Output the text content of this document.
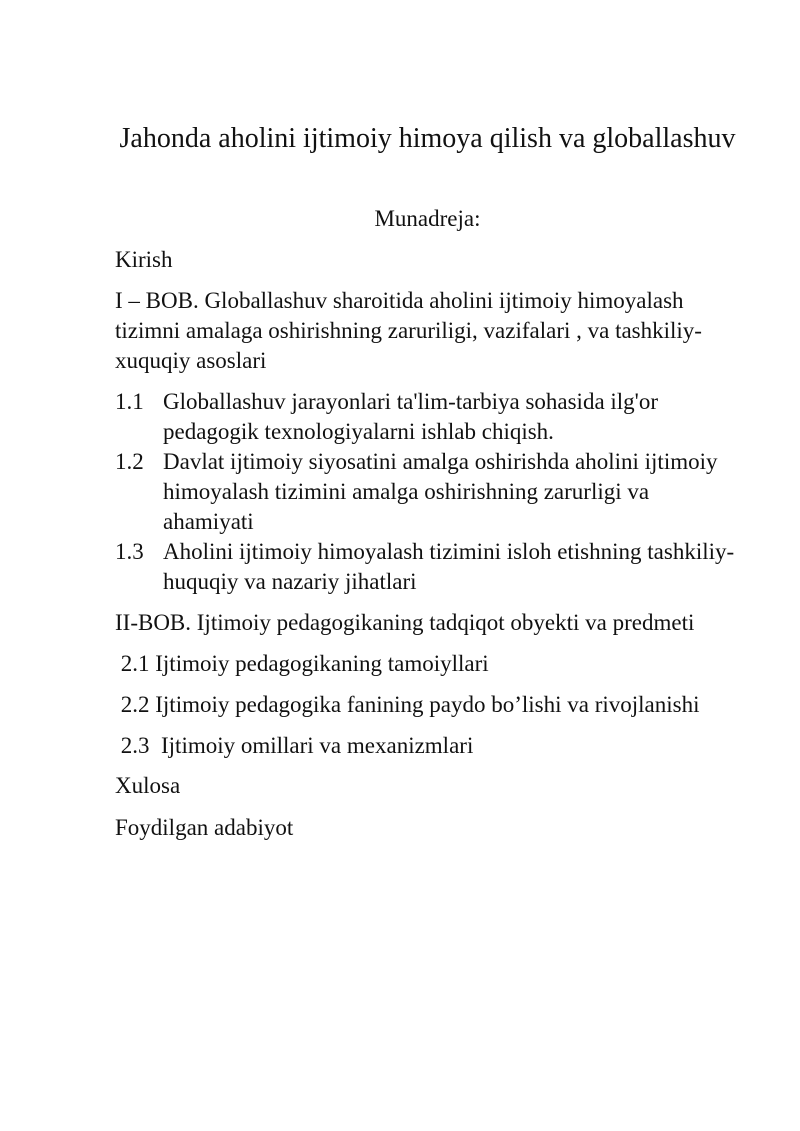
Jahonda aholini ijtimoiy himoya qilish va globallashuv
Munadreja:
Kirish
I – BOB. Globallashuv sharoitida aholini ijtimoiy himoyalash tizimni amalaga oshirishning zaruriligi, vazifalari , va tashkiliy-xuquqiy asoslari
1.1 Globallashuv jarayonlari ta'lim-tarbiya sohasida ilg'or pedagogik texnologiyalarni ishlab chiqish.
1.2 Davlat ijtimoiy siyosatini amalga oshirishda aholini ijtimoiy himoyalash tizimini amalga oshirishning zarurligi va ahamiyati
1.3 Aholini ijtimoiy himoyalash tizimini isloh etishning tashkiliy-huquqiy va nazariy jihatlari
II-BOB. Ijtimoiy pedagogikaning tadqiqot obyekti va predmeti
2.1 Ijtimoiy pedagogikaning tamoiyllari
2.2 Ijtimoiy pedagogika fanining paydo bo’lishi va rivojlanishi
2.3  Ijtimoiy omillari va mexanizmlari
Xulosa
Foydilgan adabiyot
